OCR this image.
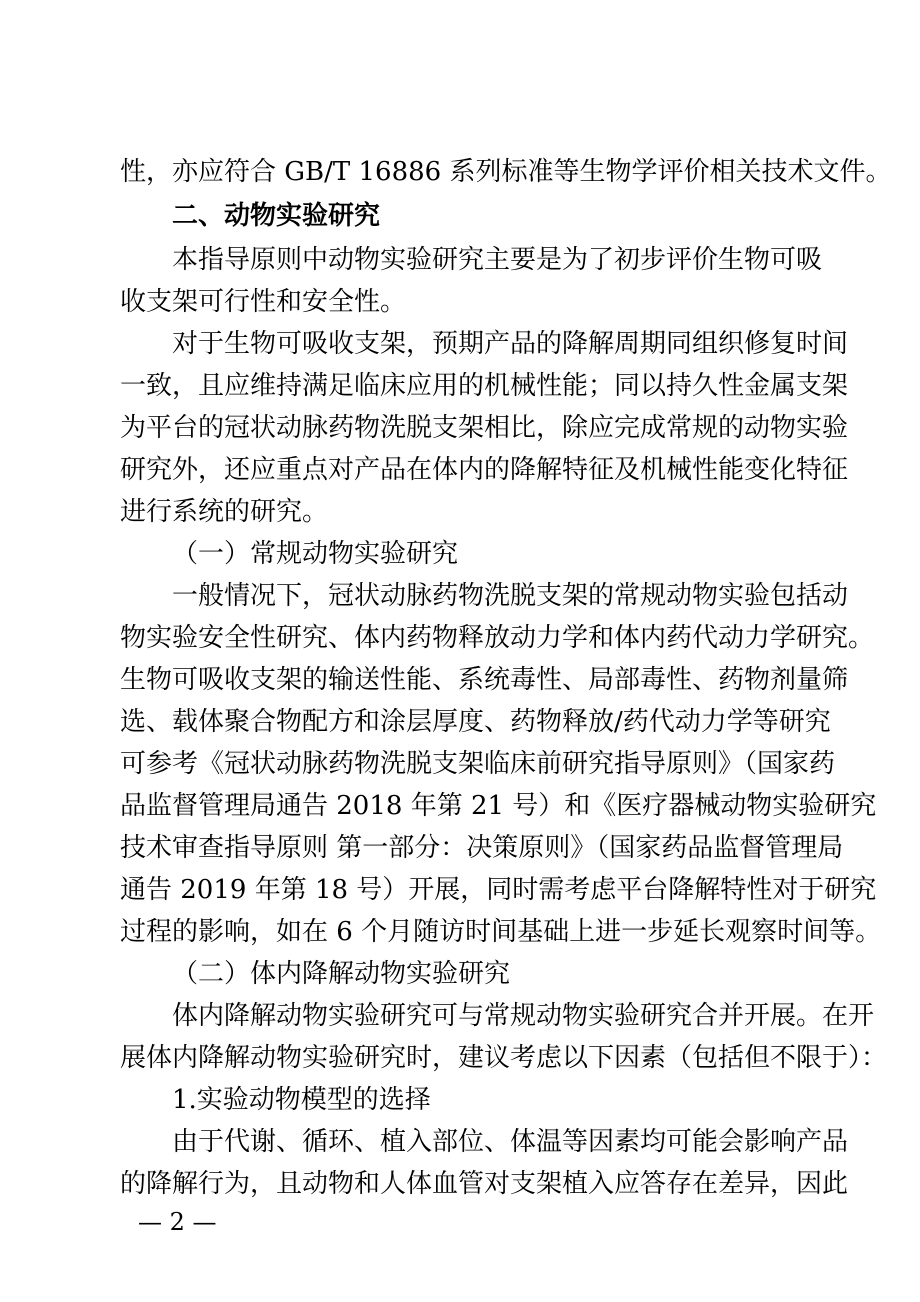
性，亦应符合 GB/T 16886 系列标准等生物学评价相关技术文件。
二、动物实验研究
本指导原则中动物实验研究主要是为了初步评价生物可吸
收支架可行性和安全性。
对于生物可吸收支架，预期产品的降解周期同组织修复时间
一致，且应维持满足临床应用的机械性能；同以持久性金属支架
为平台的冠状动脉药物洗脱支架相比，除应完成常规的动物实验
研究外，还应重点对产品在体内的降解特征及机械性能变化特征
进行系统的研究。
（一）常规动物实验研究
一般情况下，冠状动脉药物洗脱支架的常规动物实验包括动
物实验安全性研究、体内药物释放动力学和体内药代动力学研究。
生物可吸收支架的输送性能、系统毒性、局部毒性、药物剂量筛
选、载体聚合物配方和涂层厚度、药物释放/药代动力学等研究
可参考《冠状动脉药物洗脱支架临床前研究指导原则》（国家药
品监督管理局通告 2018 年第 21 号）和《医疗器械动物实验研究
技术审查指导原则 第一部分：决策原则》（国家药品监督管理局
通告 2019 年第 18 号）开展，同时需考虑平台降解特性对于研究
过程的影响，如在 6 个月随访时间基础上进一步延长观察时间等。
（二）体内降解动物实验研究
体内降解动物实验研究可与常规动物实验研究合并开展。在开
展体内降解动物实验研究时，建议考虑以下因素（包括但不限于）：
1.实验动物模型的选择
由于代谢、循环、植入部位、体温等因素均可能会影响产品
的降解行为，且动物和人体血管对支架植入应答存在差异，因此
— 2 —
